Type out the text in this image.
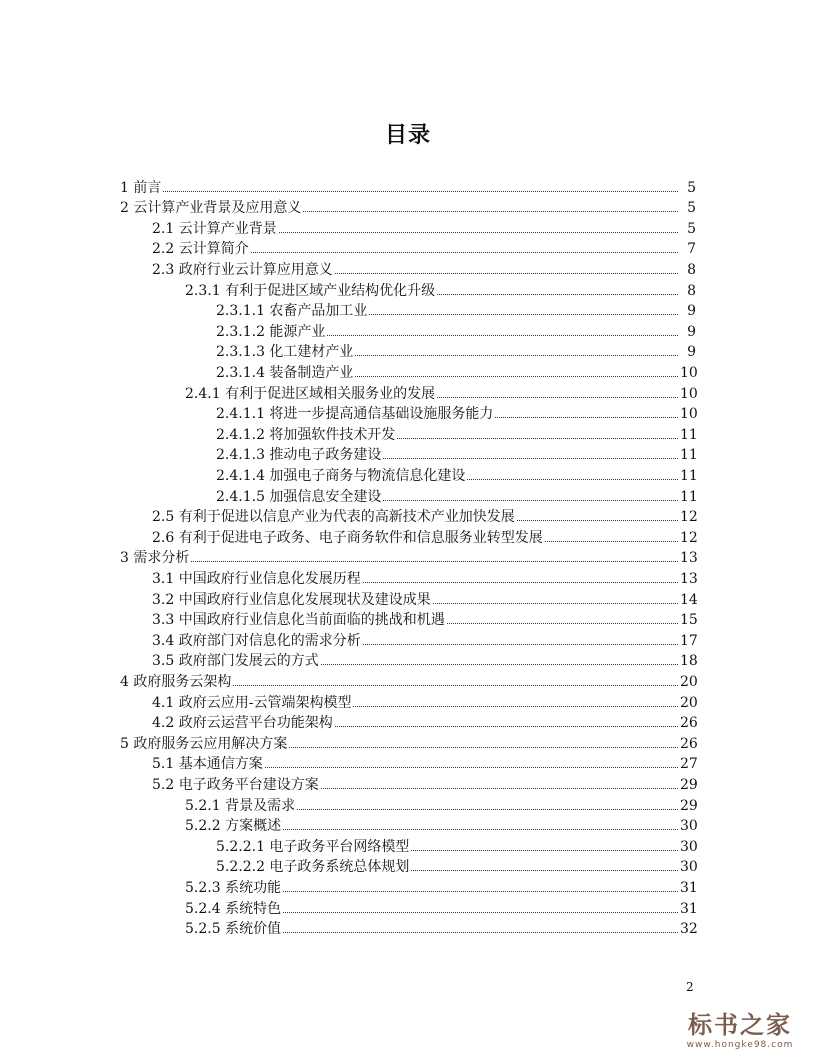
目录
1 前言	5
2 云计算产业背景及应用意义	5
2.1 云计算产业背景	5
2.2 云计算简介	7
2.3 政府行业云计算应用意义	8
2.3.1 有利于促进区域产业结构优化升级	8
2.3.1.1 农畜产品加工业	9
2.3.1.2 能源产业	9
2.3.1.3 化工建材产业	9
2.3.1.4 装备制造产业	10
2.4.1 有利于促进区域相关服务业的发展	10
2.4.1.1 将进一步提高通信基础设施服务能力	10
2.4.1.2 将加强软件技术开发	11
2.4.1.3 推动电子政务建设	11
2.4.1.4 加强电子商务与物流信息化建设	11
2.4.1.5 加强信息安全建设	11
2.5 有利于促进以信息产业为代表的高新技术产业加快发展	12
2.6 有利于促进电子政务、电子商务软件和信息服务业转型发展	12
3 需求分析	13
3.1 中国政府行业信息化发展历程	13
3.2 中国政府行业信息化发展现状及建设成果	14
3.3 中国政府行业信息化当前面临的挑战和机遇	15
3.4 政府部门对信息化的需求分析	17
3.5 政府部门发展云的方式	18
4 政府服务云架构	20
4.1 政府云应用-云管端架构模型	20
4.2 政府云运营平台功能架构	26
5 政府服务云应用解决方案	26
5.1 基本通信方案	27
5.2 电子政务平台建设方案	29
5.2.1 背景及需求	29
5.2.2 方案概述	30
5.2.2.1 电子政务平台网络模型	30
5.2.2.2 电子政务系统总体规划	30
5.2.3 系统功能	31
5.2.4 系统特色	31
5.2.5 系统价值	32
2
标书之家
www.hongke98.com
